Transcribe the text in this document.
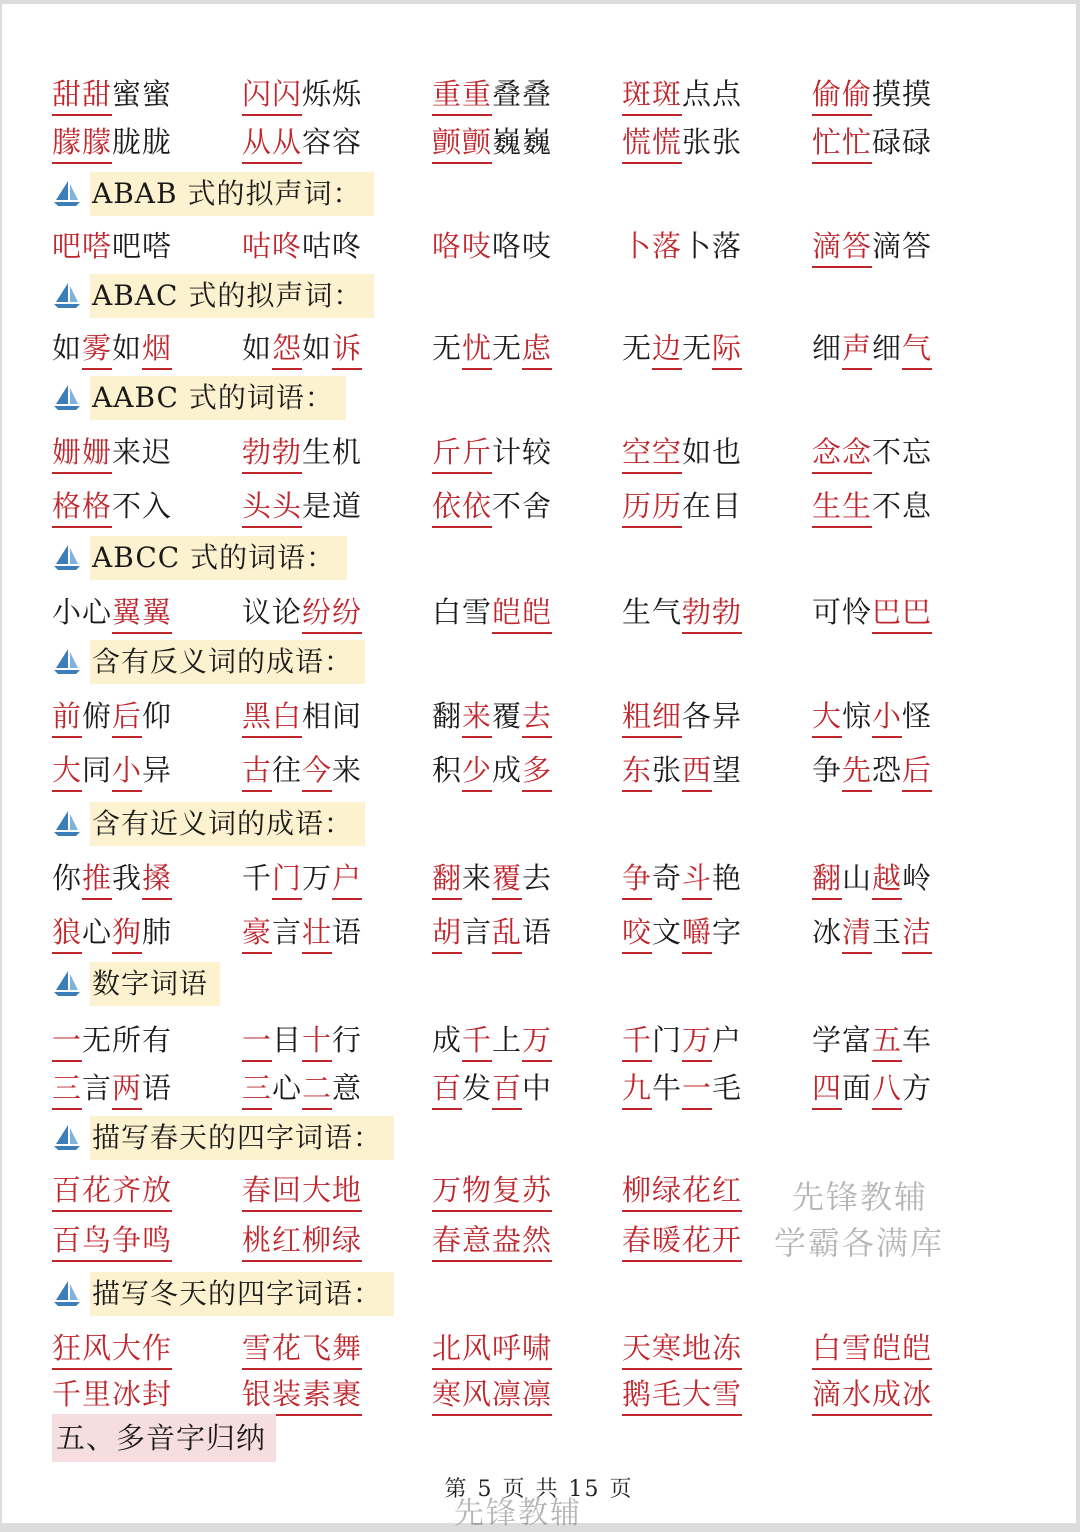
甜甜蜜蜜 闪闪烁烁 重重叠叠 斑斑点点 偷偷摸摸
朦朦胧胧 从从容容 颤颤巍巍 慌慌张张 忙忙碌碌
吧嗒吧嗒 咕咚咕咚 咯吱咯吱 卜落卜落 滴答滴答
如雾如烟 如怨如诉 无忧无虑 无边无际 细声细气
姗姗来迟 勃勃生机 斤斤计较 空空如也 念念不忘
格格不入 头头是道 依依不舍 历历在目 生生不息
小心翼翼 议论纷纷 白雪皑皑 生气勃勃 可怜巴巴
前俯后仰 黑白相间 翻来覆去 粗细各异 大惊小怪
大同小异 古往今来 积少成多 东张西望 争先恐后
你推我搡 千门万户 翻来覆去 争奇斗艳 翻山越岭
狼心狗肺 豪言壮语 胡言乱语 咬文嚼字 冰清玉洁
一无所有 一目十行 成千上万 千门万户 学富五车
三言两语 三心二意 百发百中 九牛一毛 四面八方
百花齐放 春回大地 万物复苏 柳绿花红
百鸟争鸣 桃红柳绿 春意盎然 春暖花开
狂风大作 雪花飞舞 北风呼啸 天寒地冻 白雪皑皑
千里冰封 银装素裹 寒风凛凛 鹅毛大雪 滴水成冰
ABAB 式的拟声词：
ABAC 式的拟声词：
AABC 式的词语：
ABCC 式的词语：
含有反义词的成语：
含有近义词的成语：
数字词语
描写春天的四字词语：
描写冬天的四字词语：
五、多音字归纳
第 5 页 共 15 页
先锋教辅
学霸各满库
先锋教辅
